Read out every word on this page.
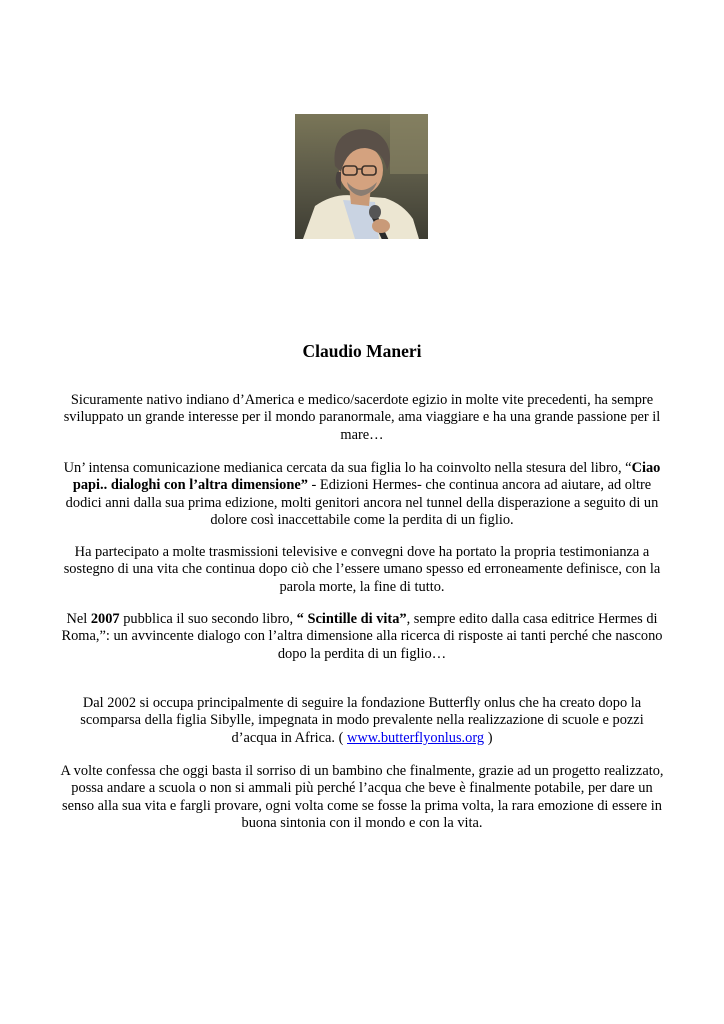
Claudio Maneri

Sicuramente nativo indiano d’America e medico/sacerdote egizio in molte vite precedenti, ha sempre sviluppato un grande interesse per il mondo paranormale, ama viaggiare e ha una grande passione per il mare…

Un’ intensa comunicazione medianica cercata da sua figlia lo ha coinvolto nella stesura del libro, “Ciao papi.. dialoghi con l’altra dimensione” - Edizioni Hermes- che continua ancora ad aiutare, ad oltre dodici anni dalla sua prima edizione, molti genitori ancora nel tunnel della disperazione a seguito di un dolore così inaccettabile come la perdita di un figlio.

Ha partecipato a molte trasmissioni televisive e convegni dove ha portato la propria testimonianza a sostegno di una vita che continua dopo ciò che l’essere umano spesso ed erroneamente definisce, con la parola morte, la fine di tutto.

Nel 2007 pubblica il suo secondo libro, “ Scintille di vita”, sempre edito dalla casa editrice Hermes di Roma,”: un avvincente dialogo con l’altra dimensione alla ricerca di risposte ai tanti perché che nascono dopo la perdita di un figlio…

Dal 2002 si occupa principalmente di seguire la fondazione Butterfly onlus che ha creato dopo la scomparsa della figlia Sibylle, impegnata in modo prevalente nella realizzazione di scuole e pozzi d’acqua in Africa. ( www.butterflyonlus.org )

A volte confessa che oggi basta il sorriso di un bambino che finalmente, grazie ad un progetto realizzato, possa andare a scuola o non si ammali più perché l’acqua che beve è finalmente potabile, per dare un senso alla sua vita e fargli provare, ogni volta come se fosse la prima volta, la rara emozione di essere in buona sintonia con il mondo e con la vita.
